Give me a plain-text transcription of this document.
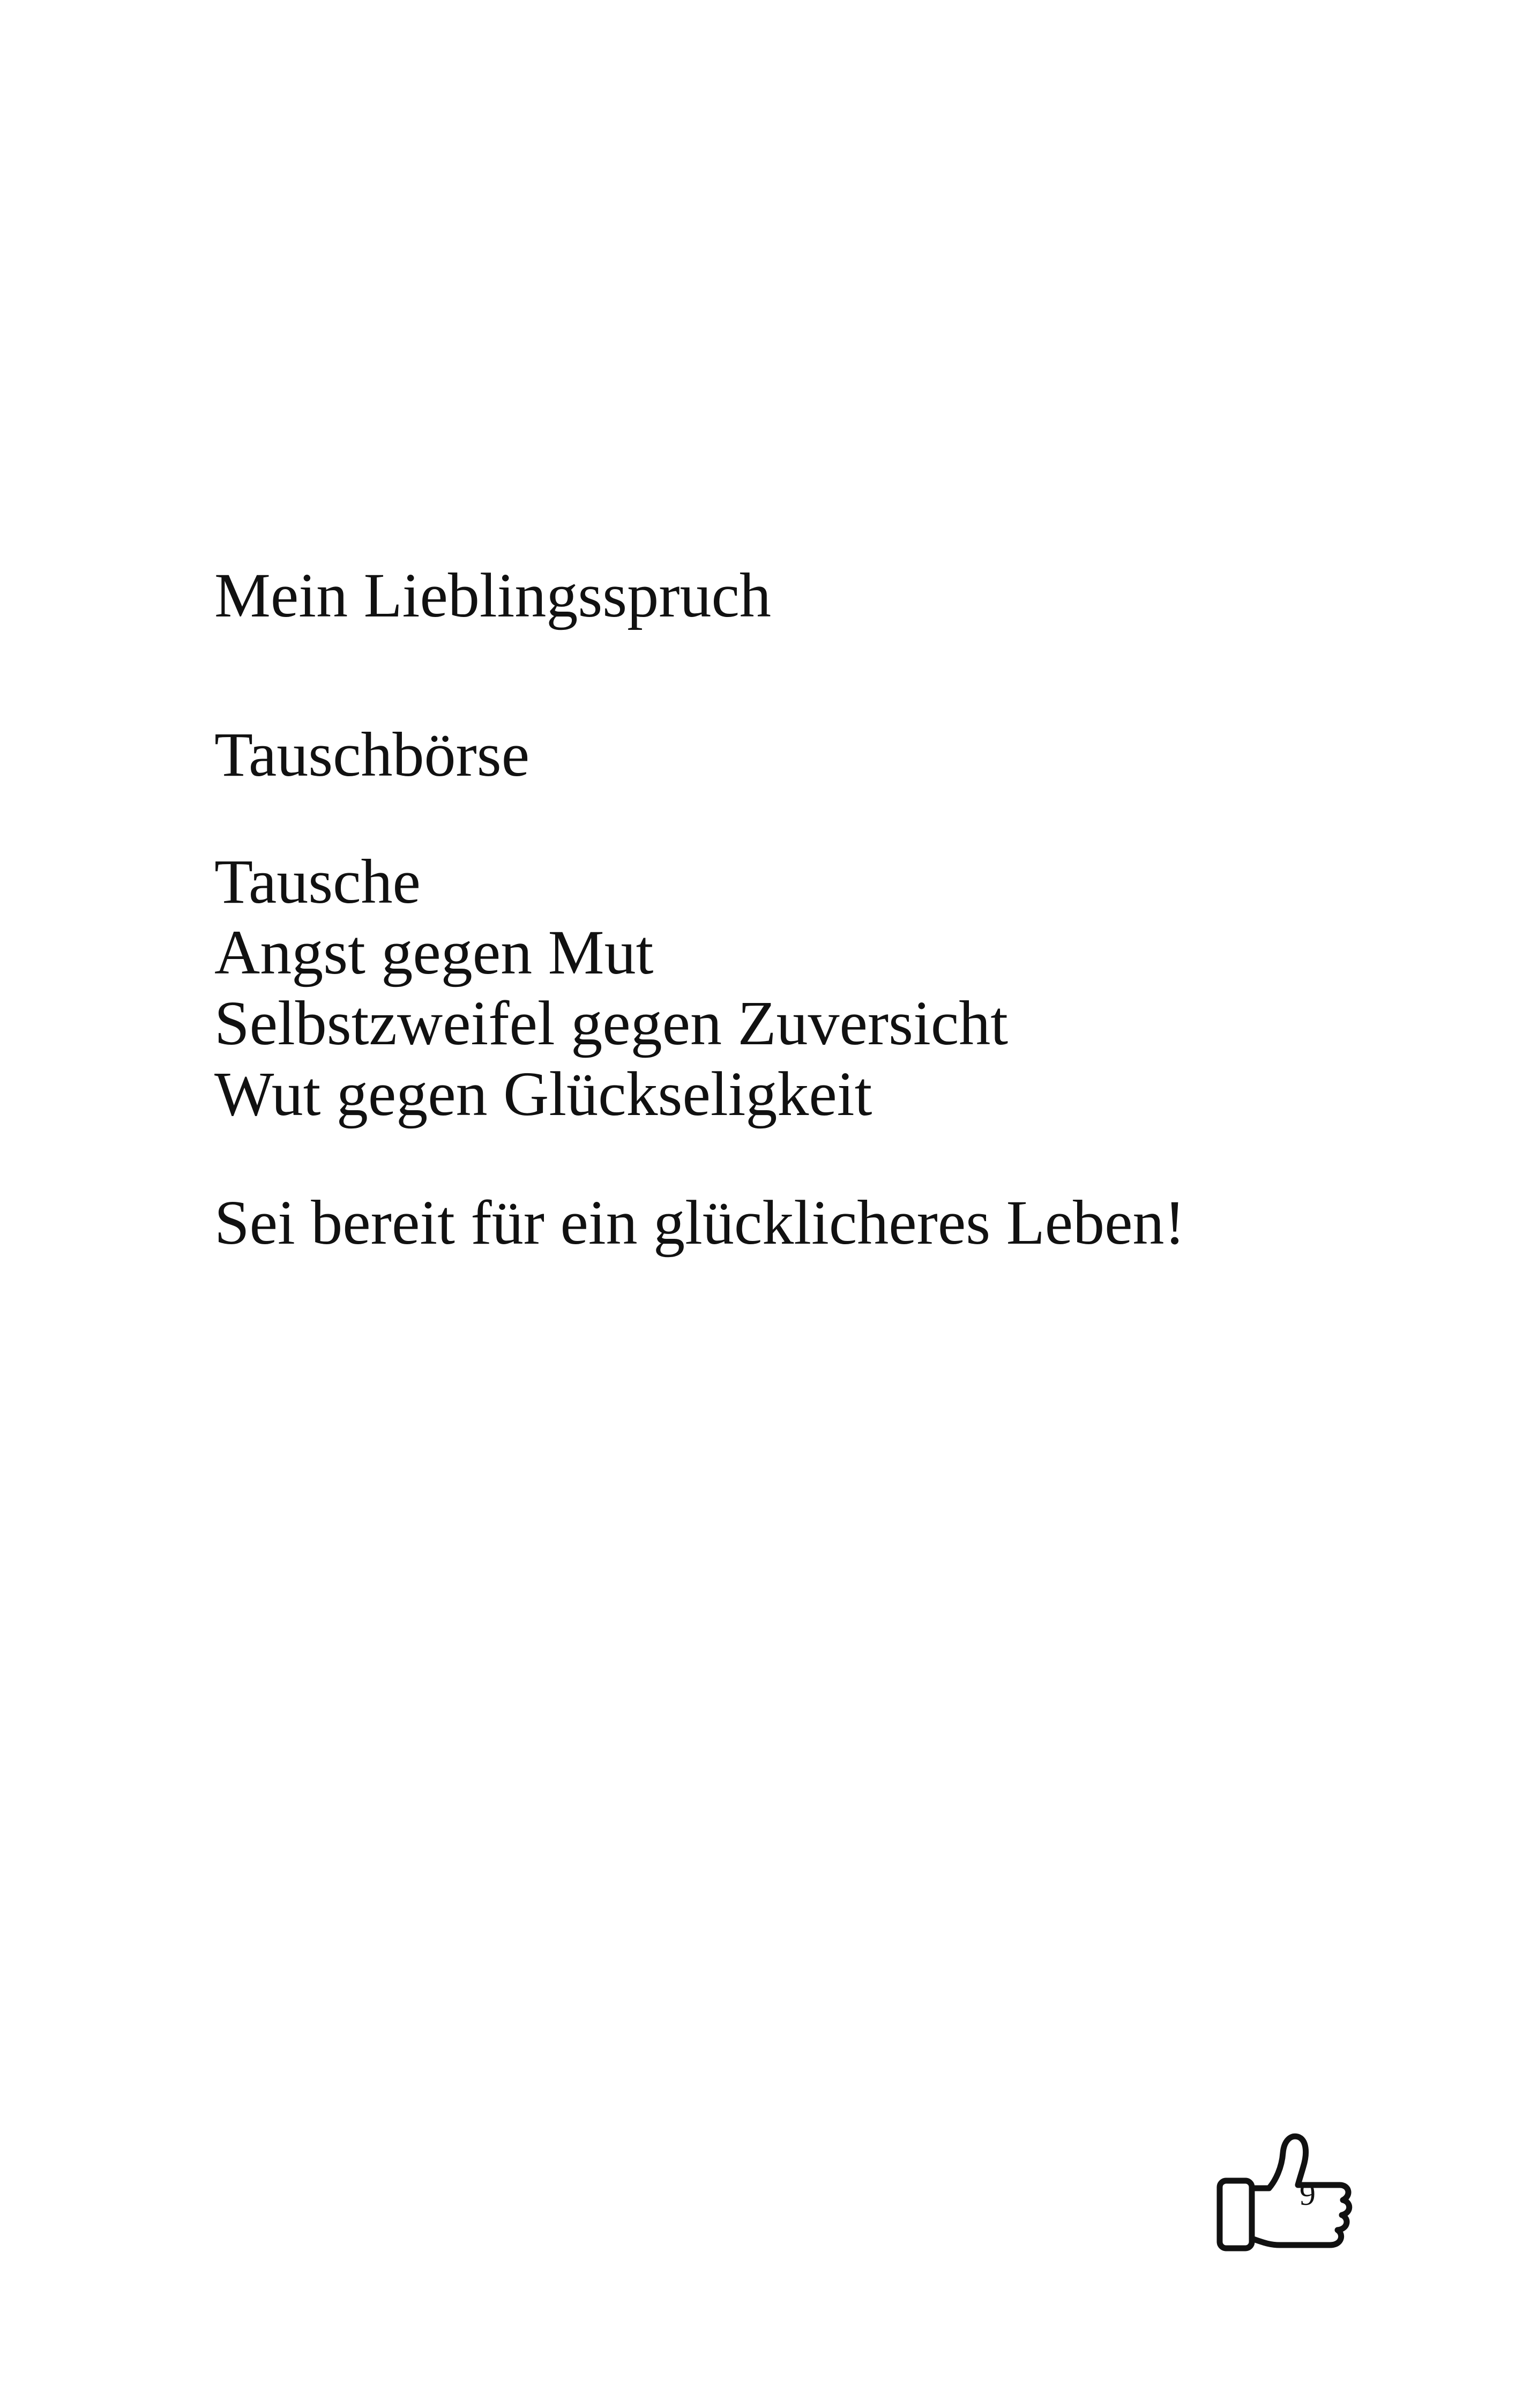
Mein Lieblingsspruch
Tauschbörse
Tausche
Angst gegen Mut
Selbstzweifel gegen Zuversicht
Wut gegen Glückseligkeit

Sei bereit für ein glücklicheres Leben!

9
